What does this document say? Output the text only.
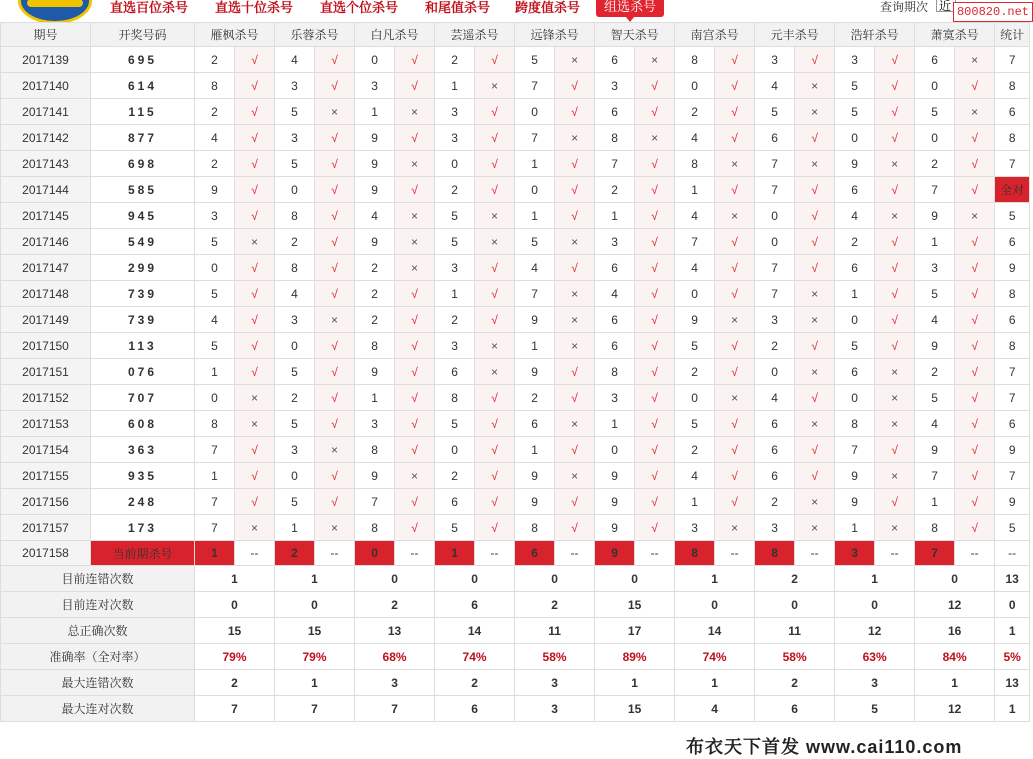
直选百位杀号 直选十位杀号 直选个位杀号 和尾值杀号 跨度值杀号	组选杀号	查询期次 近 800820.net
期号	开奖号码	雁枫杀号		乐蓉杀号		白凡杀号		芸遥杀号		远锋杀号		智天杀号		南宫杀号		元丰杀号		浩轩杀号		萧寞杀号		统计
2017139	695	2	√	4	√	0	√	2	√	5	×	6	×	8	√	3	√	3	√	6	×	7
2017140	614	8	√	3	√	3	√	1	×	7	√	3	√	0	√	4	×	5	√	0	√	8
2017141	115	2	√	5	×	1	×	3	√	0	√	6	√	2	√	5	×	5	√	5	×	6
2017142	877	4	√	3	√	9	√	3	√	7	×	8	×	4	√	6	√	0	√	0	√	8
2017143	698	2	√	5	√	9	×	0	√	1	√	7	√	8	×	7	×	9	×	2	√	7
2017144	585	9	√	0	√	9	√	2	√	0	√	2	√	1	√	7	√	6	√	7	√	全对
2017145	945	3	√	8	√	4	×	5	×	1	√	1	√	4	×	0	√	4	×	9	×	5
2017146	549	5	×	2	√	9	×	5	×	5	×	3	√	7	√	0	√	2	√	1	√	6
2017147	299	0	√	8	√	2	×	3	√	4	√	6	√	4	√	7	√	6	√	3	√	9
2017148	739	5	√	4	√	2	√	1	√	7	×	4	√	0	√	7	×	1	√	5	√	8
2017149	739	4	√	3	×	2	√	2	√	9	×	6	√	9	×	3	×	0	√	4	√	6
2017150	113	5	√	0	√	8	√	3	×	1	×	6	√	5	√	2	√	5	√	9	√	8
2017151	076	1	√	5	√	9	√	6	×	9	√	8	√	2	√	0	×	6	×	2	√	7
2017152	707	0	×	2	√	1	√	8	√	2	√	3	√	0	×	4	√	0	×	5	√	7
2017153	608	8	×	5	√	3	√	5	√	6	×	1	√	5	√	6	×	8	×	4	√	6
2017154	363	7	√	3	×	8	√	0	√	1	√	0	√	2	√	6	√	7	√	9	√	9
2017155	935	1	√	0	√	9	×	2	√	9	×	9	√	4	√	6	√	9	×	7	√	7
2017156	248	7	√	5	√	7	√	6	√	9	√	9	√	1	√	2	×	9	√	1	√	9
2017157	173	7	×	1	×	8	√	5	√	8	√	9	√	3	×	3	×	1	×	8	√	5
2017158	当前期杀号	1	--	2	--	0	--	1	--	6	--	9	--	8	--	8	--	3	--	7	--	--
目前连错次数		1		1		0		0		0		0		1		2		1		0		13
目前连对次数		0		0		2		6		2		15		0		0		0		12		0
总正确次数		15		15		13		14		11		17		14		11		12		16		1
准确率（全对率）		79%		79%		68%		74%		58%		89%		74%		58%		63%		84%		5%
最大连错次数		2		1		3		2		3		1		1		2		3		1		13
最大连对次数		7		7		7		6		3		15		4		6		5		12		1
布衣天下首发 www.cai110.com
